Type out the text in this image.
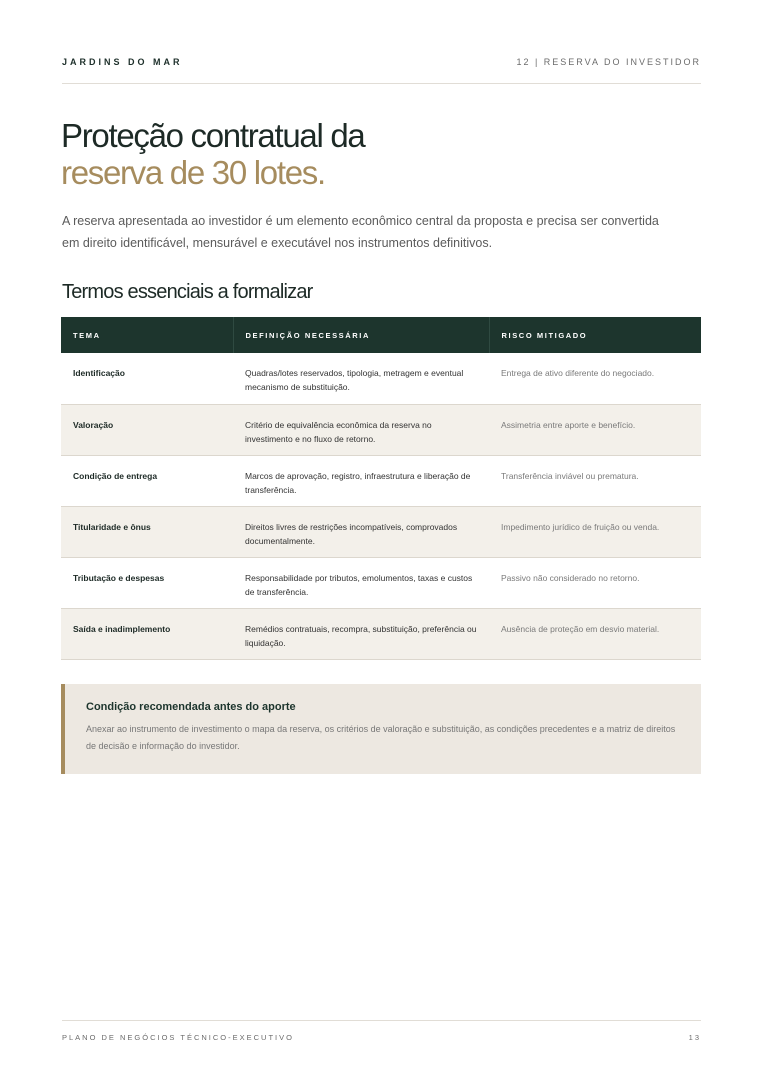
JARDINS DO MAR	12 | RESERVA DO INVESTIDOR
Proteção contratual da
reserva de 30 lotes.

A reserva apresentada ao investidor é um elemento econômico central da proposta e precisa ser convertida em direito identificável, mensurável e executável nos instrumentos definitivos.

Termos essenciais a formalizar
TEMA	DEFINIÇÃO NECESSÁRIA	RISCO MITIGADO
Identificação	Quadras/lotes reservados, tipologia, metragem e eventual mecanismo de substituição.	Entrega de ativo diferente do negociado.
Valoração	Critério de equivalência econômica da reserva no investimento e no fluxo de retorno.	Assimetria entre aporte e benefício.
Condição de entrega	Marcos de aprovação, registro, infraestrutura e liberação de transferência.	Transferência inviável ou prematura.
Titularidade e ônus	Direitos livres de restrições incompatíveis, comprovados documentalmente.	Impedimento jurídico de fruição ou venda.
Tributação e despesas	Responsabilidade por tributos, emolumentos, taxas e custos de transferência.	Passivo não considerado no retorno.
Saída e inadimplemento	Remédios contratuais, recompra, substituição, preferência ou liquidação.	Ausência de proteção em desvio material.

Condição recomendada antes do aporte

Anexar ao instrumento de investimento o mapa da reserva, os critérios de valoração e substituição, as condições precedentes e a matriz de direitos de decisão e informação do investidor.

PLANO DE NEGÓCIOS TÉCNICO-EXECUTIVO	13
